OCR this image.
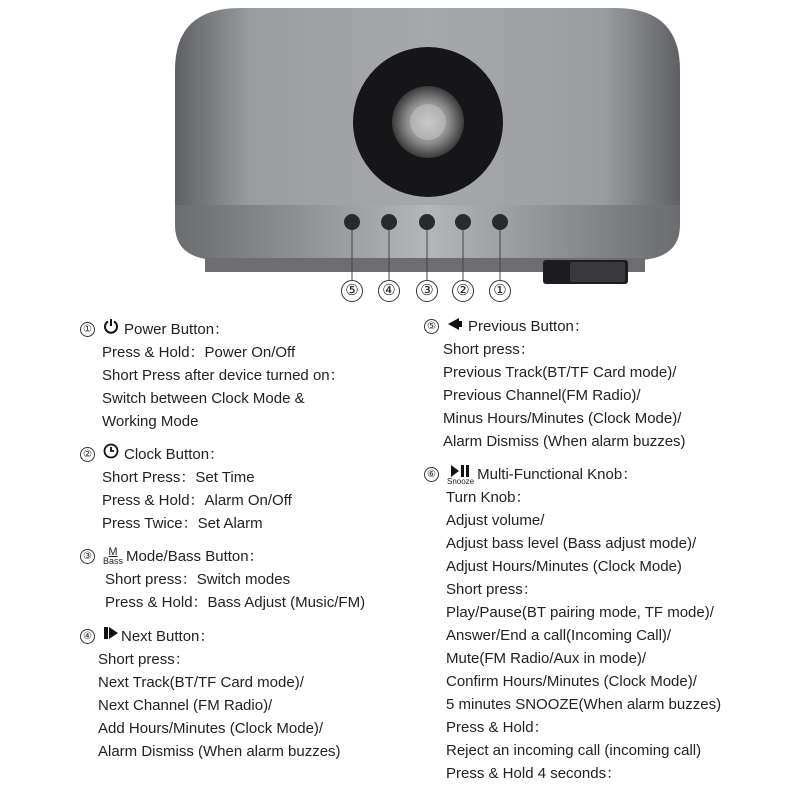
⑤ ④ ③ ② ①
① Power Button：
Press & Hold：Power On/Off
Short Press after device turned on：
Switch between Clock Mode &
Working Mode
② Clock Button：
Short Press：Set Time
Press & Hold：Alarm On/Off
Press Twice：Set Alarm
③ M
Bass Mode/Bass Button：
Short press：Switch modes
Press & Hold：Bass Adjust (Music/FM)
④ Next Button：
Short press：
Next Track(BT/TF Card mode)/
Next Channel (FM Radio)/
Add Hours/Minutes (Clock Mode)/
Alarm Dismiss (When alarm buzzes)
⑤ Previous Button：
Short press：
Previous Track(BT/TF Card mode)/
Previous Channel(FM Radio)/
Minus Hours/Minutes (Clock Mode)/
Alarm Dismiss (When alarm buzzes)
⑥
Snooze Multi-Functional Knob：
Turn Knob：
Adjust volume/
Adjust bass level (Bass adjust mode)/
Adjust Hours/Minutes (Clock Mode)
Short press：
Play/Pause(BT pairing mode, TF mode)/
Answer/End a call(Incoming Call)/
Mute(FM Radio/Aux in mode)/
Confirm Hours/Minutes (Clock Mode)/
5 minutes SNOOZE(When alarm buzzes)
Press & Hold：
Reject an incoming call (incoming call)
Press & Hold 4 seconds：
